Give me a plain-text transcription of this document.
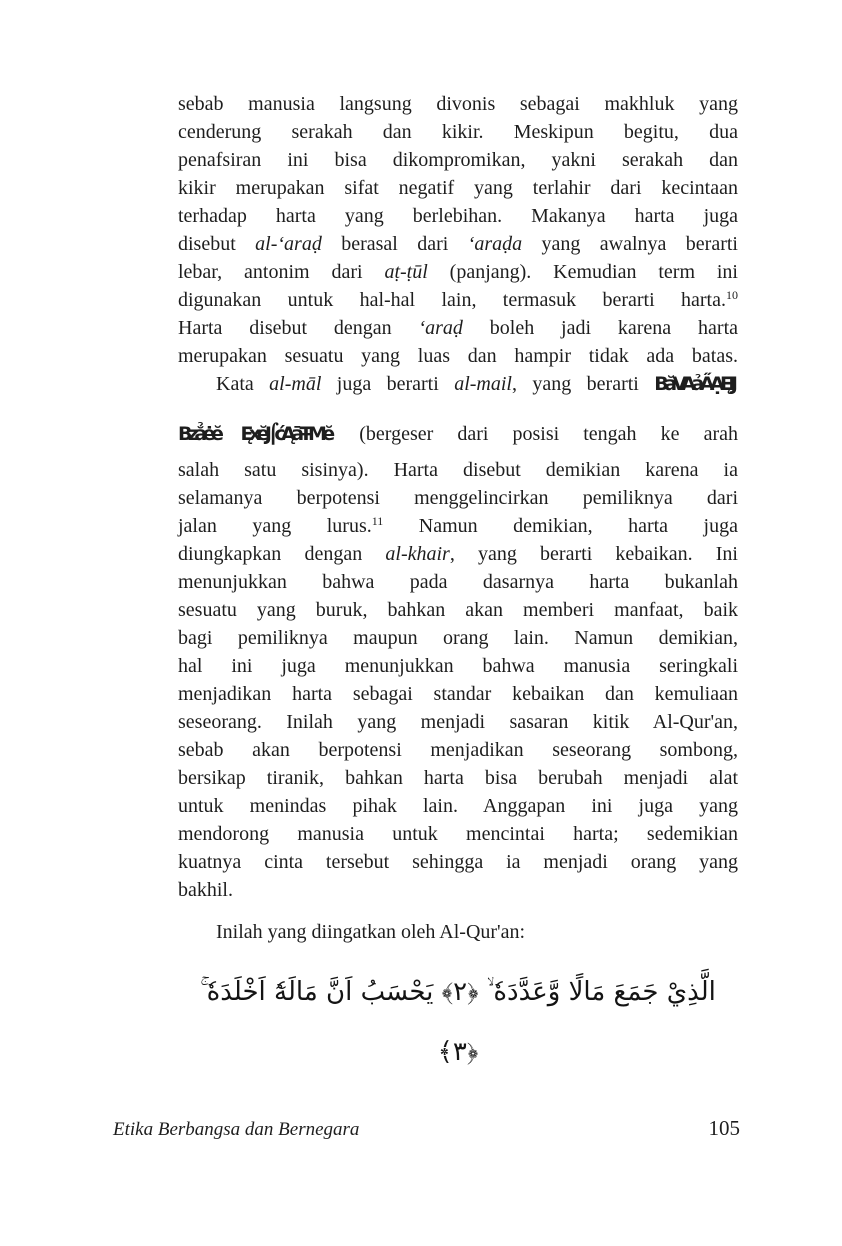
sebab manusia langsung divonis sebagai makhluk yang
cenderung serakah dan kikir. Meskipun begitu, dua
penafsiran ini bisa dikompromikan, yakni serakah dan
kikir merupakan sifat negatif yang terlahir dari kecintaan
terhadap harta yang berlebihan. Makanya harta juga
disebut al-‘araḍ berasal dari ‘araḍa yang awalnya berarti
lebar, antonim dari aṭ-ṭūl (panjang). Kemudian term ini
digunakan untuk hal-hal lain, termasuk berarti harta.$^{10}$
Harta disebut dengan ‘araḍ boleh jadi karena harta
merupakan sesuatu yang luas dan hampir tidak ada batas.
Kata al-māl juga berarti al-mail, yang berarti BăVAảA̋ẠĘIJ
Bzẳėĕ ĘxĕJ⌠ćĄāŦMĕ (bergeser dari posisi tengah ke arah
salah satu sisinya). Harta disebut demikian karena ia
selamanya berpotensi menggelincirkan pemiliknya dari
jalan yang lurus.$^{11}$ Namun demikian, harta juga
diungkapkan dengan al-khair, yang berarti kebaikan. Ini
menunjukkan bahwa pada dasarnya harta bukanlah
sesuatu yang buruk, bahkan akan memberi manfaat, baik
bagi pemiliknya maupun orang lain. Namun demikian,
hal ini juga menunjukkan bahwa manusia seringkali
menjadikan harta sebagai standar kebaikan dan kemuliaan
seseorang. Inilah yang menjadi sasaran kitik Al-Qur'an,
sebab akan berpotensi menjadikan seseorang sombong,
bersikap tiranik, bahkan harta bisa berubah menjadi alat
untuk menindas pihak lain. Anggapan ini juga yang
mendorong manusia untuk mencintai harta; sedemikian
kuatnya cinta tersebut sehingga ia menjadi orang yang
bakhil.
Inilah yang diingatkan oleh Al-Qur'an:
الَّذِيْ جَمَعَ مَالًا وَّعَدَّدَهٗ ۙ ﴿٢﴾ يَحْسَبُ اَنَّ مَالَهٗٓ اَخْلَدَهٗ ۚ ﴿٣﴾
Etika Berbangsa dan Bernegara	105
